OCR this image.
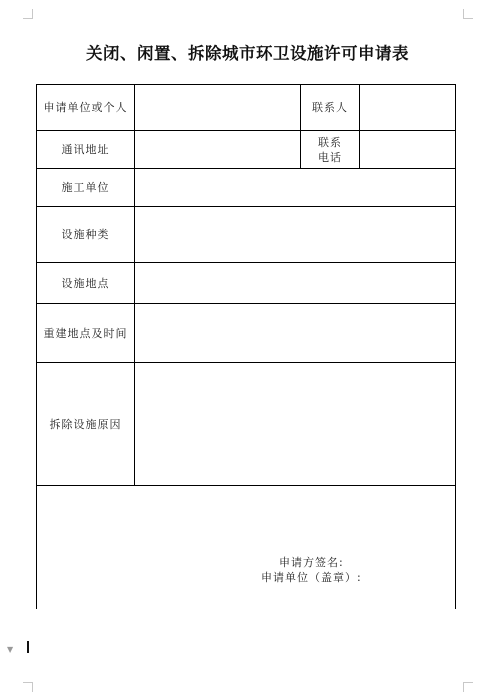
关闭、闲置、拆除城市环卫设施许可申请表
申请单位或个人	联系人
通讯地址
联系
电话
施工单位
设施种类
设施地点
重建地点及时间
拆除设施原因
申请方签名:
申请单位（盖章）:
▼
